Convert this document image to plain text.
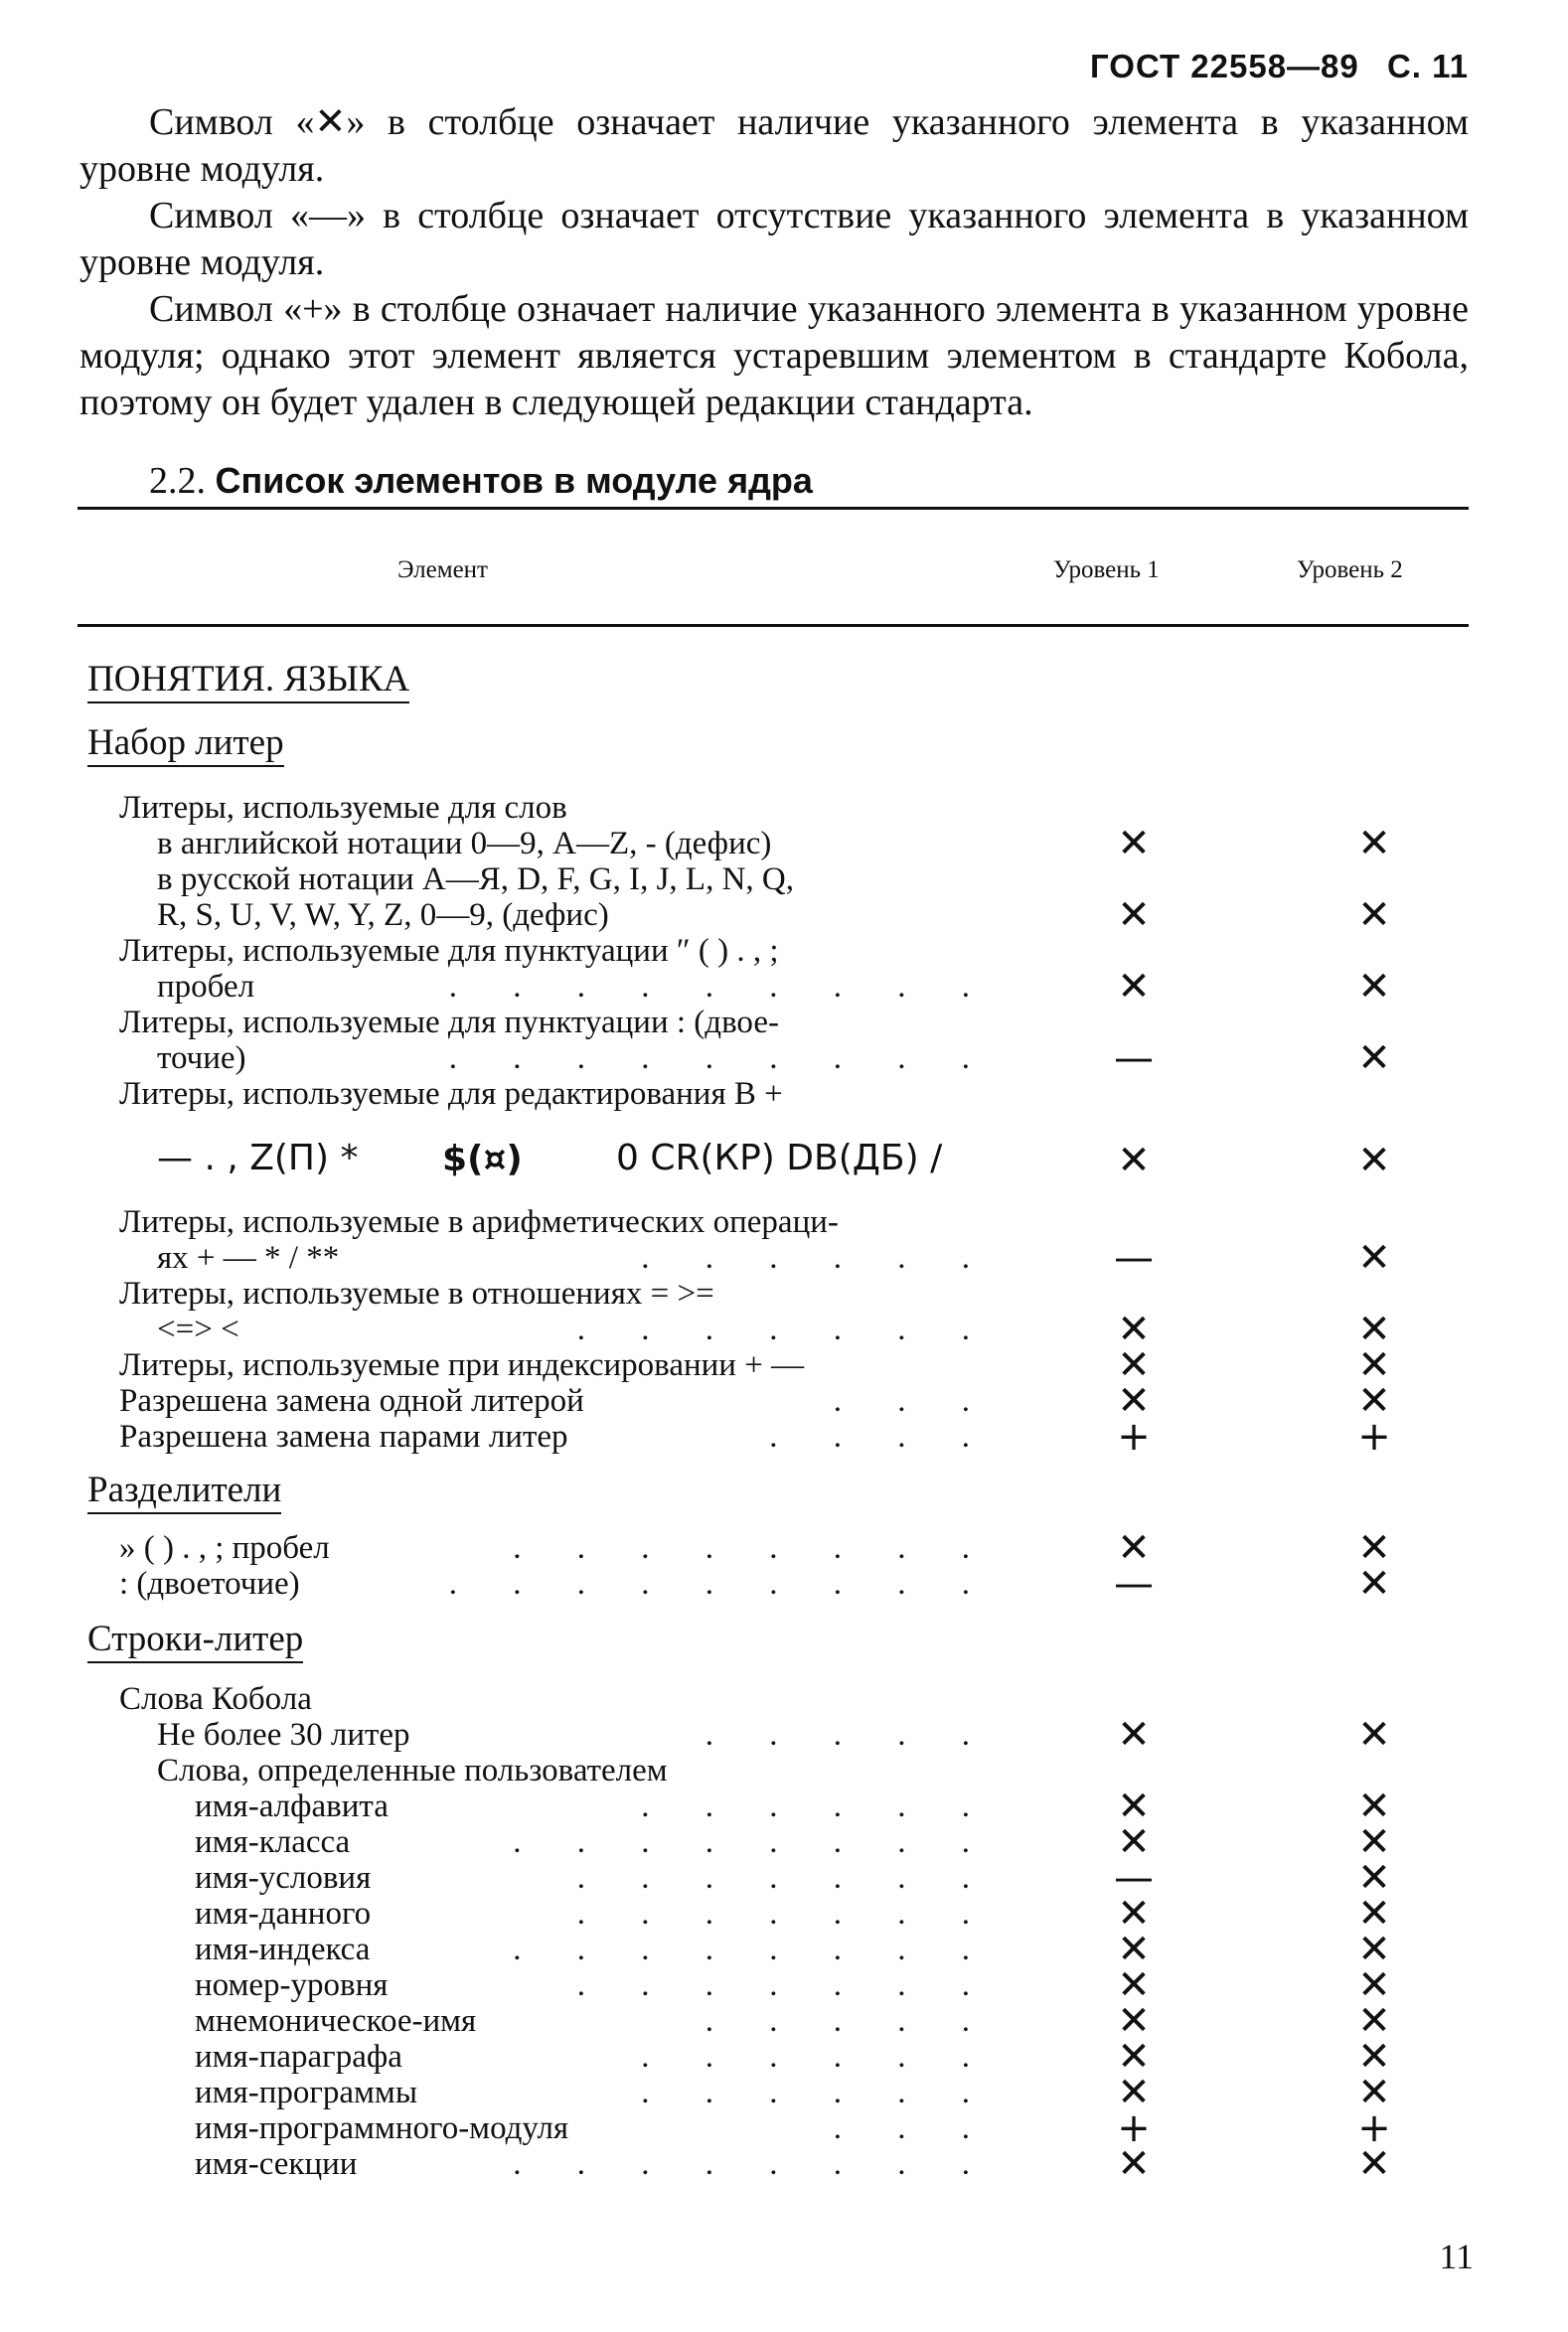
ГОСТ 22558—89 С. 11
Символ «✕» в столбце означает наличие указанного элемента в указанном уровне модуля.
Символ «—» в столбце означает отсутствие указанного элемента в указанном уровне модуля.
Символ «+» в столбце означает наличие указанного элемента в указанном уровне модуля; однако этот элемент является устаревшим элементом в стандарте Кобола, поэтому он будет удален в следующей редакции стандарта.
2.2. Список элементов в модуле ядра
Элемент	Уровень 1	Уровень 2
ПОНЯТИЯ. ЯЗЫКА
Набор литер
Литеры, используемые для слов
в английской нотации 0—9, A—Z, - (дефис)	✕	✕
в русской нотации А—Я, D, F, G, I, J, L, N, Q,
R, S, U, V, W, Y, Z, 0—9, (дефис)	✕	✕
Литеры, используемые для пунктуации ″ ( ) . , ;
пробел	. . . . . . . . .	✕	✕
Литеры, используемые для пунктуации : (двое-
точие)	. . . . . . . . .	—	✕
Литеры, используемые для редактирования B +
— . , Z(П) * $(¤)	0 CR(КР) DB(ДБ) /	✕	✕
Литеры, используемые в арифметических операци-
ях + — * / **	. . . . . .	—	✕
Литеры, используемые в отношениях = >=
<=> <	. . . . . . .	✕	✕
Литеры, используемые при индексировании + —	✕	✕
Разрешена замена одной литерой	. . .	✕	✕
Разрешена замена парами литер	. . . .	+	+
Разделители
» ( ) . , ; пробел	. . . . . . . .	✕	✕
: (двоеточие)	. . . . . . . . .	—	✕
Строки-литер
Слова Кобола
Не более 30 литер	. . . . .	✕	✕
Слова, определенные пользователем
имя-алфавита	. . . . . .	✕	✕
имя-класса	. . . . . . . .	✕	✕
имя-условия	. . . . . . .	—	✕
имя-данного	. . . . . . .	✕	✕
имя-индекса	. . . . . . . .	✕	✕
номер-уровня	. . . . . . .	✕	✕
мнемоническое-имя	. . . . .	✕	✕
имя-параграфа	. . . . . .	✕	✕
имя-программы	. . . . . .	✕	✕
имя-программного-модуля	. . .	+	+
имя-секции	. . . . . . . .	✕	✕
11
